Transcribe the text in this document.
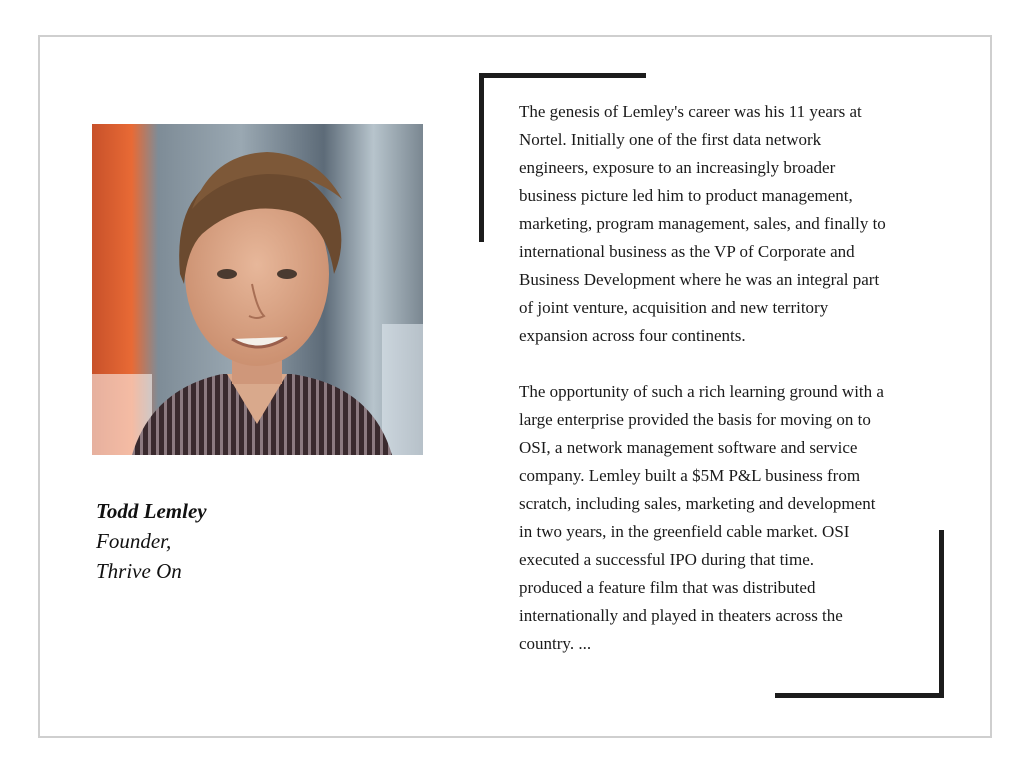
Todd Lemley
Founder,
Thrive On

The genesis of Lemley's career was his 11 years at
Nortel. Initially one of the first data network
engineers, exposure to an increasingly broader
business picture led him to product management,
marketing, program management, sales, and finally to
international business as the VP of Corporate and
Business Development where he was an integral part
of joint venture, acquisition and new territory
expansion across four continents.

The opportunity of such a rich learning ground with a
large enterprise provided the basis for moving on to
OSI, a network management software and service
company. Lemley built a $5M P&L business from
scratch, including sales, marketing and development
in two years, in the greenfield cable market. OSI
executed a successful IPO during that time.
produced a feature film that was distributed
internationally and played in theaters across the
country. ...
